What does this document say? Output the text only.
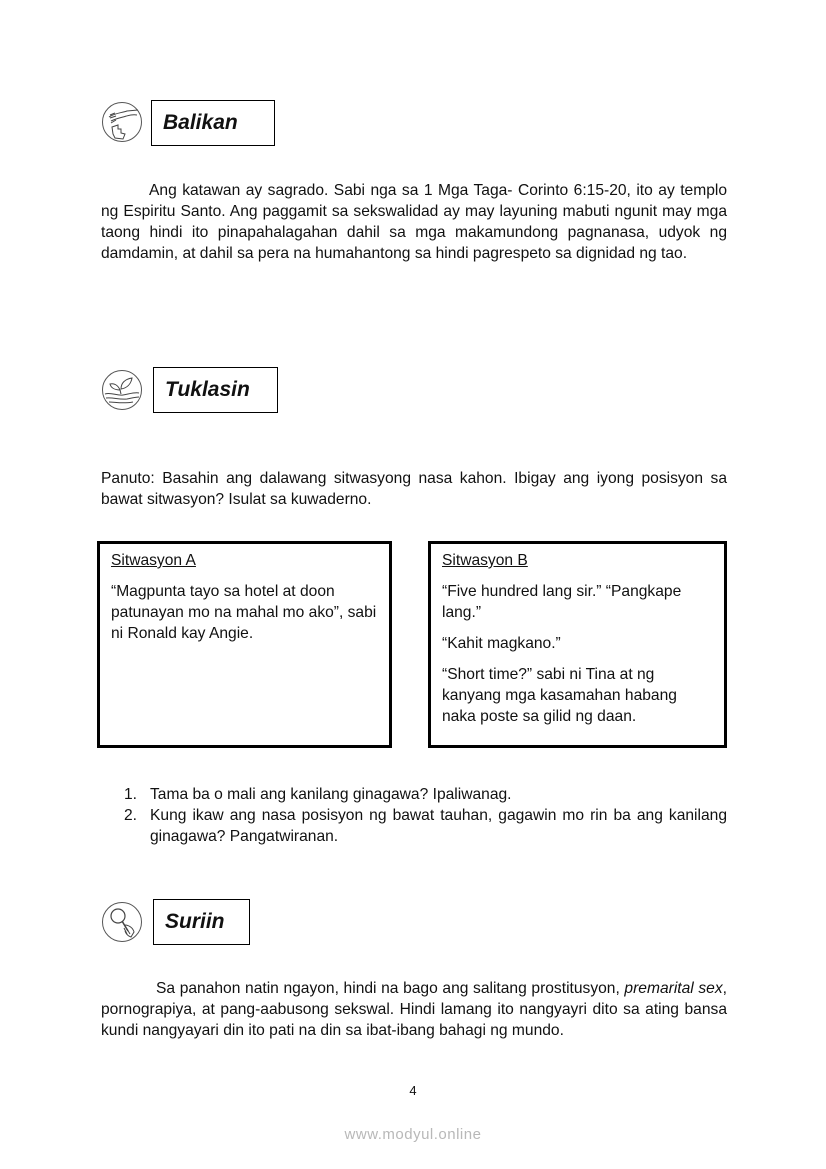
Balikan

Ang katawan ay sagrado. Sabi nga sa 1 Mga Taga- Corinto 6:15-20, ito ay templo ng Espiritu Santo. Ang paggamit sa sekswalidad ay may layuning mabuti ngunit may mga taong hindi ito pinapahalagahan dahil sa mga makamundong pagnanasa, udyok ng damdamin, at dahil sa pera na humahantong sa hindi pagrespeto sa dignidad ng tao.

Tuklasin

Panuto: Basahin ang dalawang sitwasyong nasa kahon. Ibigay ang iyong posisyon sa bawat sitwasyon? Isulat sa kuwaderno.

Sitwasyon A

“Magpunta tayo sa hotel at doon patunayan mo na mahal mo ako”, sabi ni Ronald kay Angie.

Sitwasyon B

“Five hundred lang sir.” “Pangkape lang.”

“Kahit magkano.”

“Short time?” sabi ni Tina at ng kanyang mga kasamahan habang naka poste sa gilid ng daan.

1. Tama ba o mali ang kanilang ginagawa? Ipaliwanag.
2. Kung ikaw ang nasa posisyon ng bawat tauhan, gagawin mo rin ba ang kanilang ginagawa? Pangatwiranan.
Suriin

Sa panahon natin ngayon, hindi na bago ang salitang prostitusyon, premarital sex, pornograpiya, at pang-aabusong sekswal. Hindi lamang ito nangyayri dito sa ating bansa kundi nangyayari din ito pati na din sa ibat-ibang bahagi ng mundo.

4
www.modyul.online
